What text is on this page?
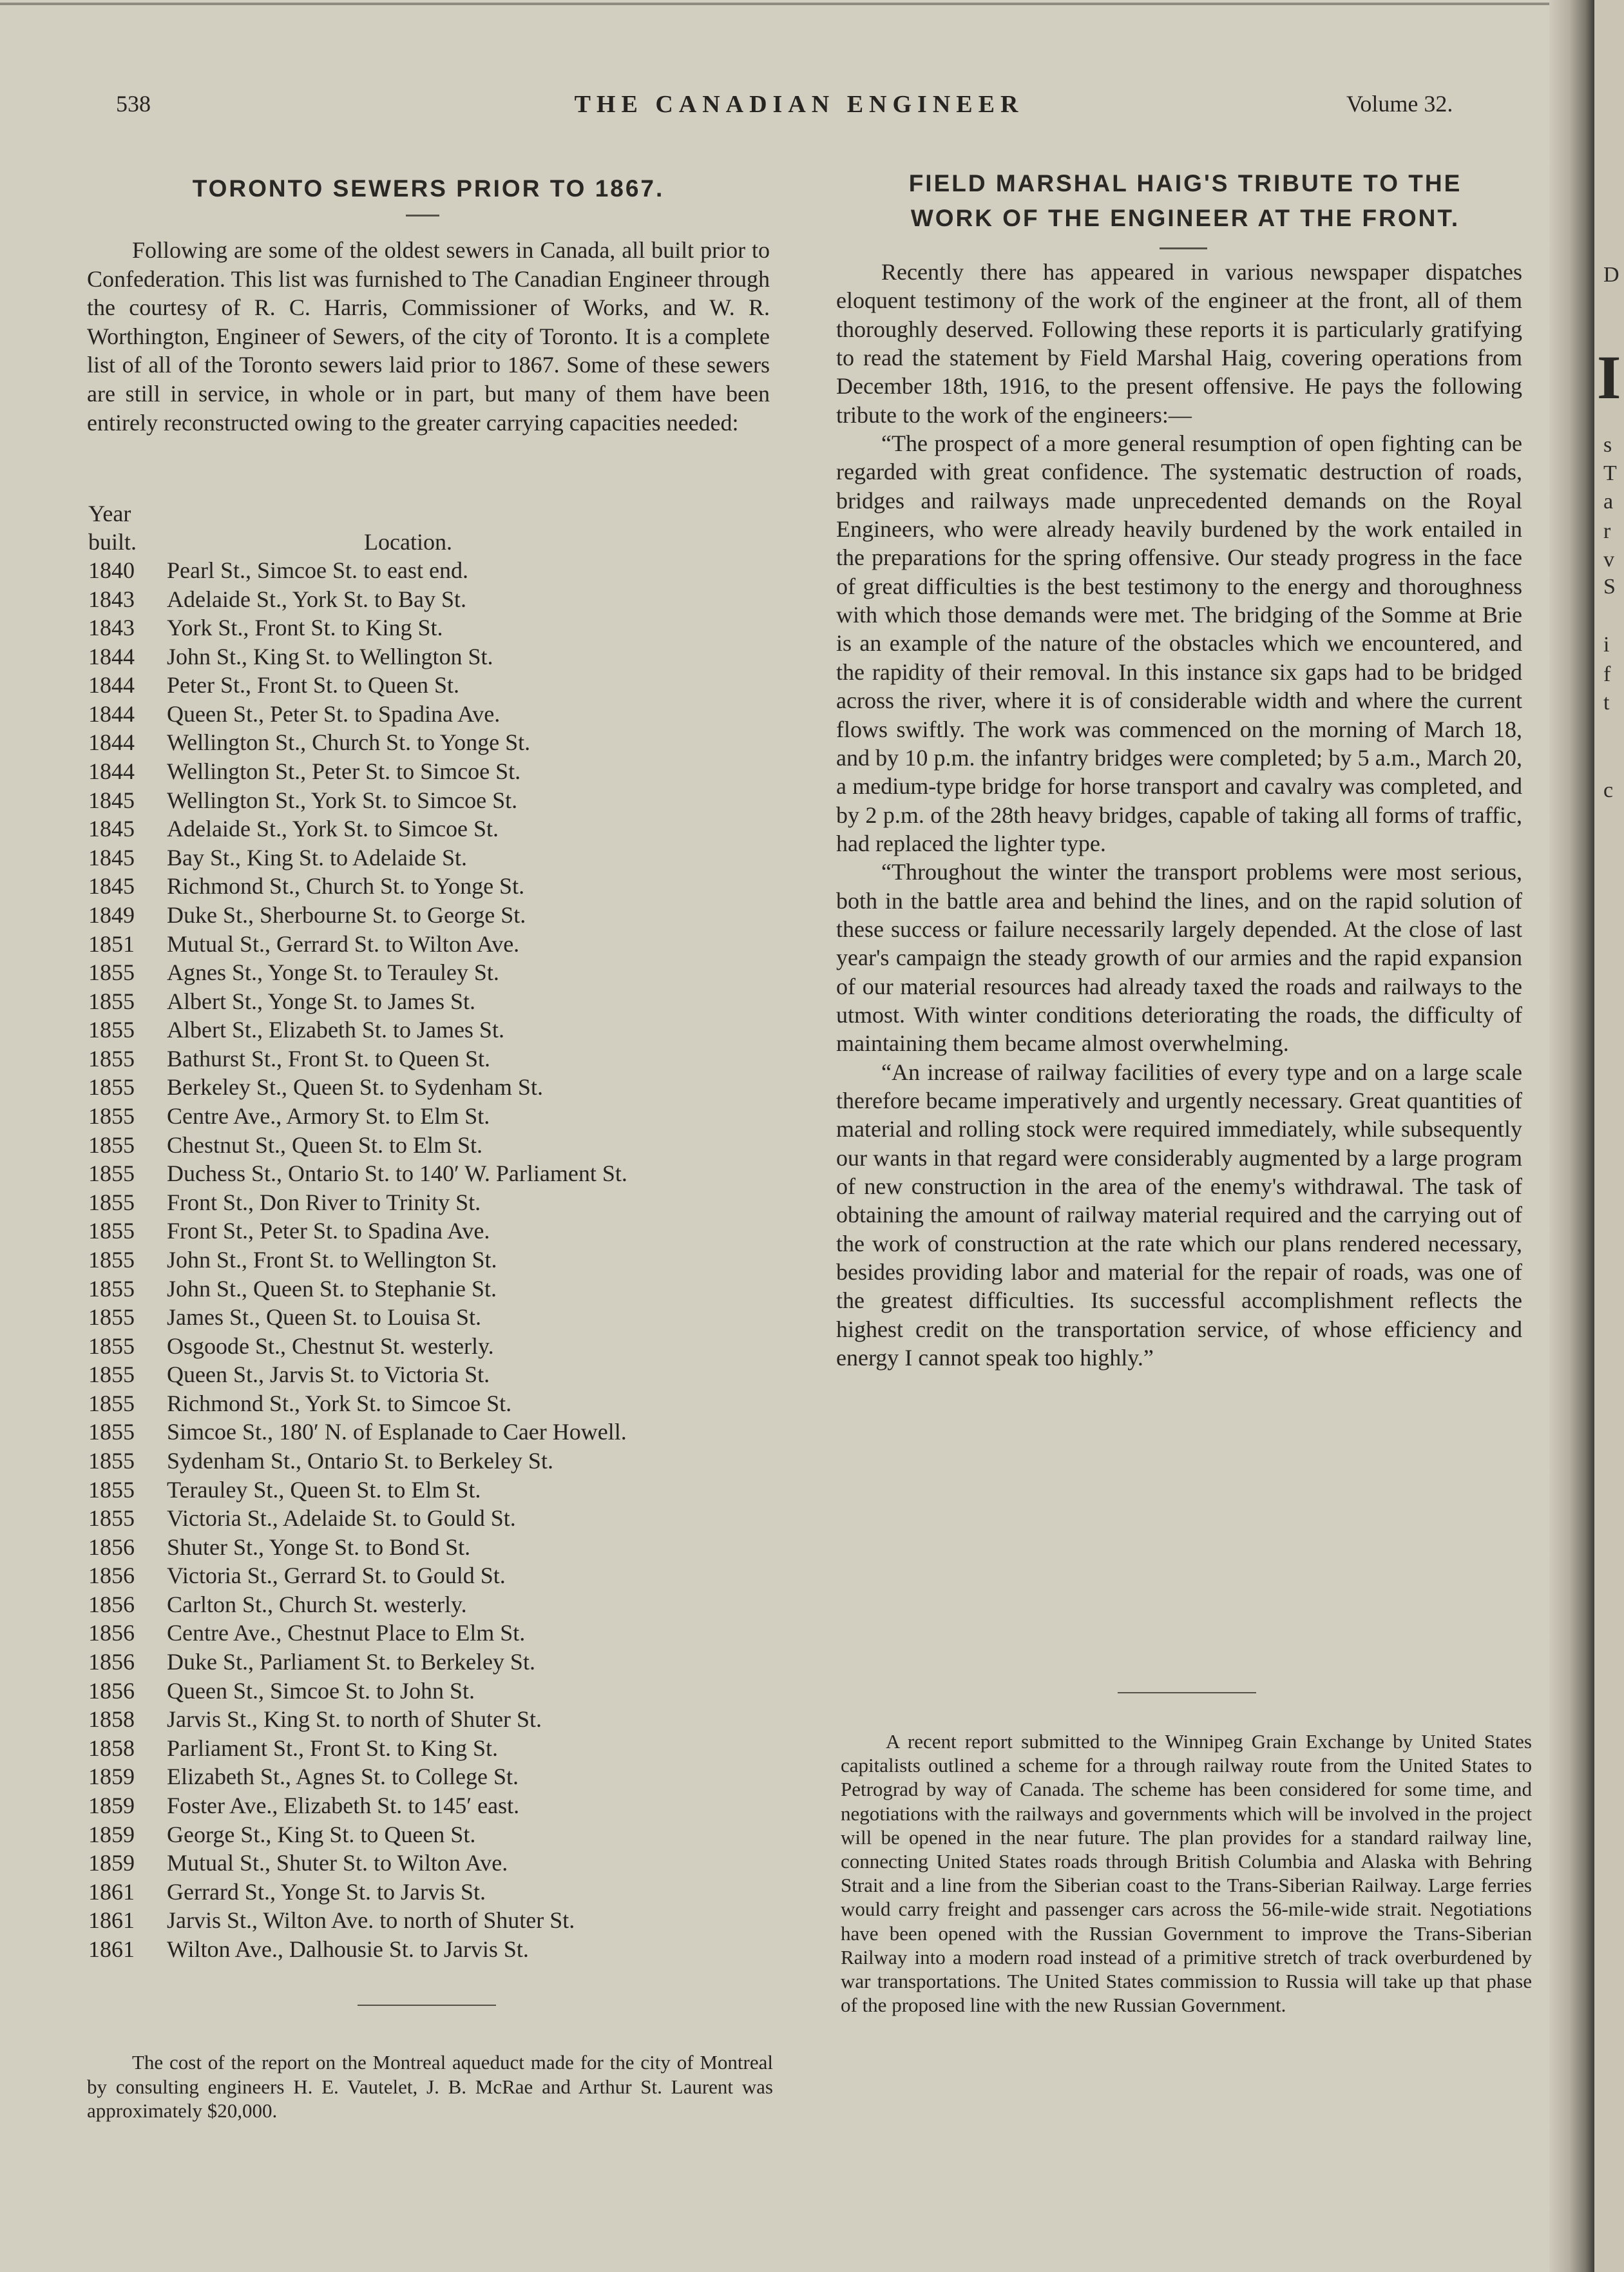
538	THE CANADIAN ENGINEER	Volume 32.
TORONTO SEWERS PRIOR TO 1867.

Following are some of the oldest sewers in Canada, all built prior to Confederation. This list was furnished to The Canadian Engineer through the courtesy of R. C. Harris, Commissioner of Works, and W. R. Worthington, Engineer of Sewers, of the city of Toronto. It is a complete list of all of the Toronto sewers laid prior to 1867. Some of these sewers are still in service, in whole or in part, but many of them have been entirely reconstructed owing to the greater carrying capacities needed:

Year
built.	Location.
1840	Pearl St., Simcoe St. to east end.
1843	Adelaide St., York St. to Bay St.
1843	York St., Front St. to King St.
1844	John St., King St. to Wellington St.
1844	Peter St., Front St. to Queen St.
1844	Queen St., Peter St. to Spadina Ave.
1844	Wellington St., Church St. to Yonge St.
1844	Wellington St., Peter St. to Simcoe St.
1845	Wellington St., York St. to Simcoe St.
1845	Adelaide St., York St. to Simcoe St.
1845	Bay St., King St. to Adelaide St.
1845	Richmond St., Church St. to Yonge St.
1849	Duke St., Sherbourne St. to George St.
1851	Mutual St., Gerrard St. to Wilton Ave.
1855	Agnes St., Yonge St. to Terauley St.
1855	Albert St., Yonge St. to James St.
1855	Albert St., Elizabeth St. to James St.
1855	Bathurst St., Front St. to Queen St.
1855	Berkeley St., Queen St. to Sydenham St.
1855	Centre Ave., Armory St. to Elm St.
1855	Chestnut St., Queen St. to Elm St.
1855	Duchess St., Ontario St. to 140′ W. Parliament St.
1855	Front St., Don River to Trinity St.
1855	Front St., Peter St. to Spadina Ave.
1855	John St., Front St. to Wellington St.
1855	John St., Queen St. to Stephanie St.
1855	James St., Queen St. to Louisa St.
1855	Osgoode St., Chestnut St. westerly.
1855	Queen St., Jarvis St. to Victoria St.
1855	Richmond St., York St. to Simcoe St.
1855	Simcoe St., 180′ N. of Esplanade to Caer Howell.
1855	Sydenham St., Ontario St. to Berkeley St.
1855	Terauley St., Queen St. to Elm St.
1855	Victoria St., Adelaide St. to Gould St.
1856	Shuter St., Yonge St. to Bond St.
1856	Victoria St., Gerrard St. to Gould St.
1856	Carlton St., Church St. westerly.
1856	Centre Ave., Chestnut Place to Elm St.
1856	Duke St., Parliament St. to Berkeley St.
1856	Queen St., Simcoe St. to John St.
1858	Jarvis St., King St. to north of Shuter St.
1858	Parliament St., Front St. to King St.
1859	Elizabeth St., Agnes St. to College St.
1859	Foster Ave., Elizabeth St. to 145′ east.
1859	George St., King St. to Queen St.
1859	Mutual St., Shuter St. to Wilton Ave.
1861	Gerrard St., Yonge St. to Jarvis St.
1861	Jarvis St., Wilton Ave. to north of Shuter St.
1861	Wilton Ave., Dalhousie St. to Jarvis St.

The cost of the report on the Montreal aqueduct made for the city of Montreal by consulting engineers H. E. Vautelet, J. B. McRae and Arthur St. Laurent was approximately $20,000.

FIELD MARSHAL HAIG'S TRIBUTE TO THE
WORK OF THE ENGINEER AT THE FRONT.

Recently there has appeared in various newspaper dispatches eloquent testimony of the work of the engineer at the front, all of them thoroughly deserved. Following these reports it is particularly gratifying to read the statement by Field Marshal Haig, covering operations from December 18th, 1916, to the present offensive. He pays the following tribute to the work of the engineers:—

“The prospect of a more general resumption of open fighting can be regarded with great confidence. The systematic destruction of roads, bridges and railways made unprecedented demands on the Royal Engineers, who were already heavily burdened by the work entailed in the preparations for the spring offensive. Our steady progress in the face of great difficulties is the best testimony to the energy and thoroughness with which those demands were met. The bridging of the Somme at Brie is an example of the nature of the obstacles which we encountered, and the rapidity of their removal. In this instance six gaps had to be bridged across the river, where it is of considerable width and where the current flows swiftly. The work was commenced on the morning of March 18, and by 10 p.m. the infantry bridges were completed; by 5 a.m., March 20, a medium-type bridge for horse transport and cavalry was completed, and by 2 p.m. of the 28th heavy bridges, capable of taking all forms of traffic, had replaced the lighter type.

“Throughout the winter the transport problems were most serious, both in the battle area and behind the lines, and on the rapid solution of these success or failure necessarily largely depended. At the close of last year's campaign the steady growth of our armies and the rapid expansion of our material resources had already taxed the roads and railways to the utmost. With winter conditions deteriorating the roads, the difficulty of maintaining them became almost overwhelming.

“An increase of railway facilities of every type and on a large scale therefore became imperatively and urgently necessary. Great quantities of material and rolling stock were required immediately, while subsequently our wants in that regard were considerably augmented by a large program of new construction in the area of the enemy's withdrawal. The task of obtaining the amount of railway material required and the carrying out of the work of construction at the rate which our plans rendered necessary, besides providing labor and material for the repair of roads, was one of the greatest difficulties. Its successful accomplishment reflects the highest credit on the transportation service, of whose efficiency and energy I cannot speak too highly.”

A recent report submitted to the Winnipeg Grain Exchange by United States capitalists outlined a scheme for a through railway route from the United States to Petrograd by way of Canada. The scheme has been considered for some time, and negotiations with the railways and governments which will be involved in the project will be opened in the near future. The plan provides for a standard railway line, connecting United States roads through British Columbia and Alaska with Behring Strait and a line from the Siberian coast to the Trans-Siberian Railway. Large ferries would carry freight and passenger cars across the 56-mile-wide strait. Negotiations have been opened with the Russian Government to improve the Trans-Siberian Railway into a modern road instead of a primitive stretch of track overburdened by war transportations. The United States commission to Russia will take up that phase of the proposed line with the new Russian Government.

D
I
s
T
a
r
v
S
i
f
t
c
